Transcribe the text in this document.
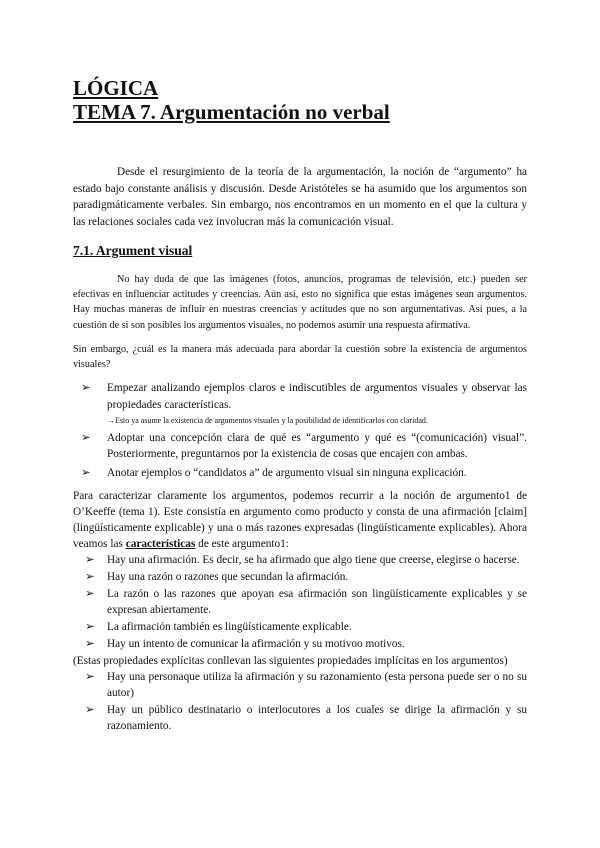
LÓGICA
TEMA 7. Argumentación no verbal

Desde el resurgimiento de la teoría de la argumentación, la noción de “argumento” ha estado bajo constante análisis y discusión. Desde Aristóteles se ha asumido que los argumentos son paradigmáticamente verbales. Sin embargo, nos encontramos en un momento en el que la cultura y las relaciones sociales cada vez involucran más la comunicación visual.

7.1. Argument visual

No hay duda de que las imágenes (fotos, anuncios, programas de televisión, etc.) pueden ser efectivas en influenciar actitudes y creencias. Aún así, esto no significa que estas imágenes sean argumentos. Hay muchas maneras de influir en nuestras creencias y actitudes que no son argumentativas. Así pues, a la cuestión de si son posibles los argumentos visuales, no podemos asumir una respuesta afirmativa.

Sin embargo, ¿cuál es la manera más adecuada para abordar la cuestión sobre la existencia de argumentos visuales?

➢ Empezar analizando ejemplos claros e indiscutibles de argumentos visuales y observar las propiedades características.
→Esto ya asume la existencia de argumentos visuales y la posibilidad de identificarlos con claridad.
➢ Adoptar una concepción clara de qué es “argumento y qué es “(comunicación) visual”. Posteriormente, preguntarnos por la existencia de cosas que encajen con ambas.
➢ Anotar ejemplos o “candidatos a” de argumento visual sin ninguna explicación.

Para caracterizar claramente los argumentos, podemos recurrir a la noción de argumento1 de O’Keeffe (tema 1). Este consistía en argumento como producto y consta de una afirmación [claim] (lingüísticamente explicable) y una o más razones expresadas (lingüísticamente explicables). Ahora veamos las características de este argumento1:

➢ Hay una afirmación. Es decir, se ha afirmado que algo tiene que creerse, elegirse o hacerse.
➢ Hay una razón o razones que secundan la afirmación.
➢ La razón o las razones que apoyan esa afirmación son lingüísticamente explicables y se expresan abiertamente.
➢ La afirmación también es lingüísticamente explicable.
➢ Hay un intento de comunicar la afirmación y su motivoo motivos.

(Estas propiedades explícitas conllevan las siguientes propiedades implícitas en los argumentos)

➢ Hay una personaque utiliza la afirmación y su razonamiento (esta persona puede ser o no su autor)
➢ Hay un público destinatario o interlocutores a los cuales se dirige la afirmación y su razonamiento.
